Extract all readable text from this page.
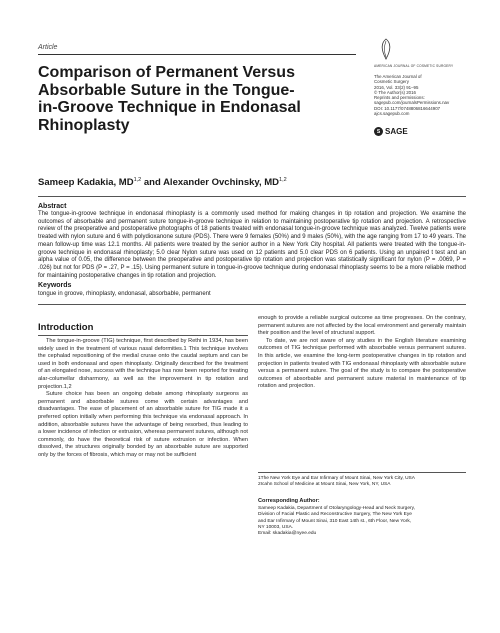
Article
Comparison of Permanent Versus
Absorbable Suture in the Tongue-
in-Groove Technique in Endonasal
Rhinoplasty
AMERICAN JOURNAL OF COSMETIC SURGERY
The American Journal of
Cosmetic Surgery
2016, Vol. 33(2) 91–95
© The Author(s) 2016
Reprints and permissions:
sagepub.com/journalsPermissions.nav
DOI: 10.1177/0748806816644907
ajcs.sagepub.com
S SAGE
Sameep Kadakia, MD$^{1,2}$ and Alexander Ovchinsky, MD$^{1,2}$
Abstract
The tongue-in-groove technique in endonasal rhinoplasty is a commonly used method for making changes in tip rotation and projection. We examine the outcomes of absorbable and permanent suture tongue-in-groove technique in relation to maintaining postoperative tip rotation and projection. A retrospective review of the preoperative and postoperative photographs of 18 patients treated with endonasal tongue-in-groove technique was analyzed. Twelve patients were treated with nylon suture and 6 with polydioxanone suture (PDS). There were 9 females (50%) and 9 males (50%), with the age ranging from 17 to 49 years. The mean follow-up time was 12.1 months. All patients were treated by the senior author in a New York City hospital. All patients were treated with the tongue-in-groove technique in endonasal rhinoplasty; 5.0 clear Nylon suture was used on 12 patients and 5.0 clear PDS on 6 patients. Using an unpaired t test and an alpha value of 0.05, the difference between the preoperative and postoperative tip rotation and projection was statistically significant for nylon (P = .0069, P = .026) but not for PDS (P = .27, P = .15). Using permanent suture in tongue-in-groove technique during endonasal rhinoplasty seems to be a more reliable method for maintaining postoperative changes in tip rotation and projection.
Keywords
tongue in groove, rhinoplasty, endonasal, absorbable, permanent
Introduction

The tongue-in-groove (TIG) technique, first described by Rethi in 1934, has been widely used in the treatment of various nasal deformities.1 This technique involves the cephalad repositioning of the medial crurae onto the caudal septum and can be used in both endonasal and open rhinoplasty. Originally described for the treatment of an elongated nose, success with the technique has now been reported for treating alar-columellar disharmony, as well as the improvement in tip rotation and projection.1,2

Suture choice has been an ongoing debate among rhinoplasty surgeons as permanent and absorbable sutures come with certain advantages and disadvantages. The ease of placement of an absorbable suture for TIG made it a preferred option initially when performing this technique via endonasal approach. In addition, absorbable sutures have the advantage of being resorbed, thus leading to a lower incidence of infection or extrusion, whereas permanent sutures, although not commonly, do have the theoretical risk of suture extrusion or infection. When dissolved, the structures originally bonded by an absorbable suture are supported only by the forces of fibrosis, which may or may not be sufficient

enough to provide a reliable surgical outcome as time progresses. On the contrary, permanent sutures are not affected by the local environment and generally maintain their position and the level of structural support.

To date, we are not aware of any studies in the English literature examining outcomes of TIG technique performed with absorbable versus permanent sutures. In this article, we examine the long-term postoperative changes in tip rotation and projection in patients treated with TIG endonasal rhinoplasty with absorbable suture versus a permanent suture. The goal of the study is to compare the postoperative outcomes of absorbable and permanent suture material in maintenance of tip rotation and projection.

1The New York Eye and Ear Infirmary of Mount Sinai, New York City, USA
2Icahn School of Medicine at Mount Sinai, New York, NY, USA
Corresponding Author:
Sameep Kadakia, Department of Otolaryngology-Head and Neck Surgery,
Division of Facial Plastic and Reconstructive Surgery, The New York Eye
and Ear Infirmary of Mount Sinai, 310 East 14th st., 6th Floor, New York,
NY 10003, USA.
Email: skadakia@nyee.edu
